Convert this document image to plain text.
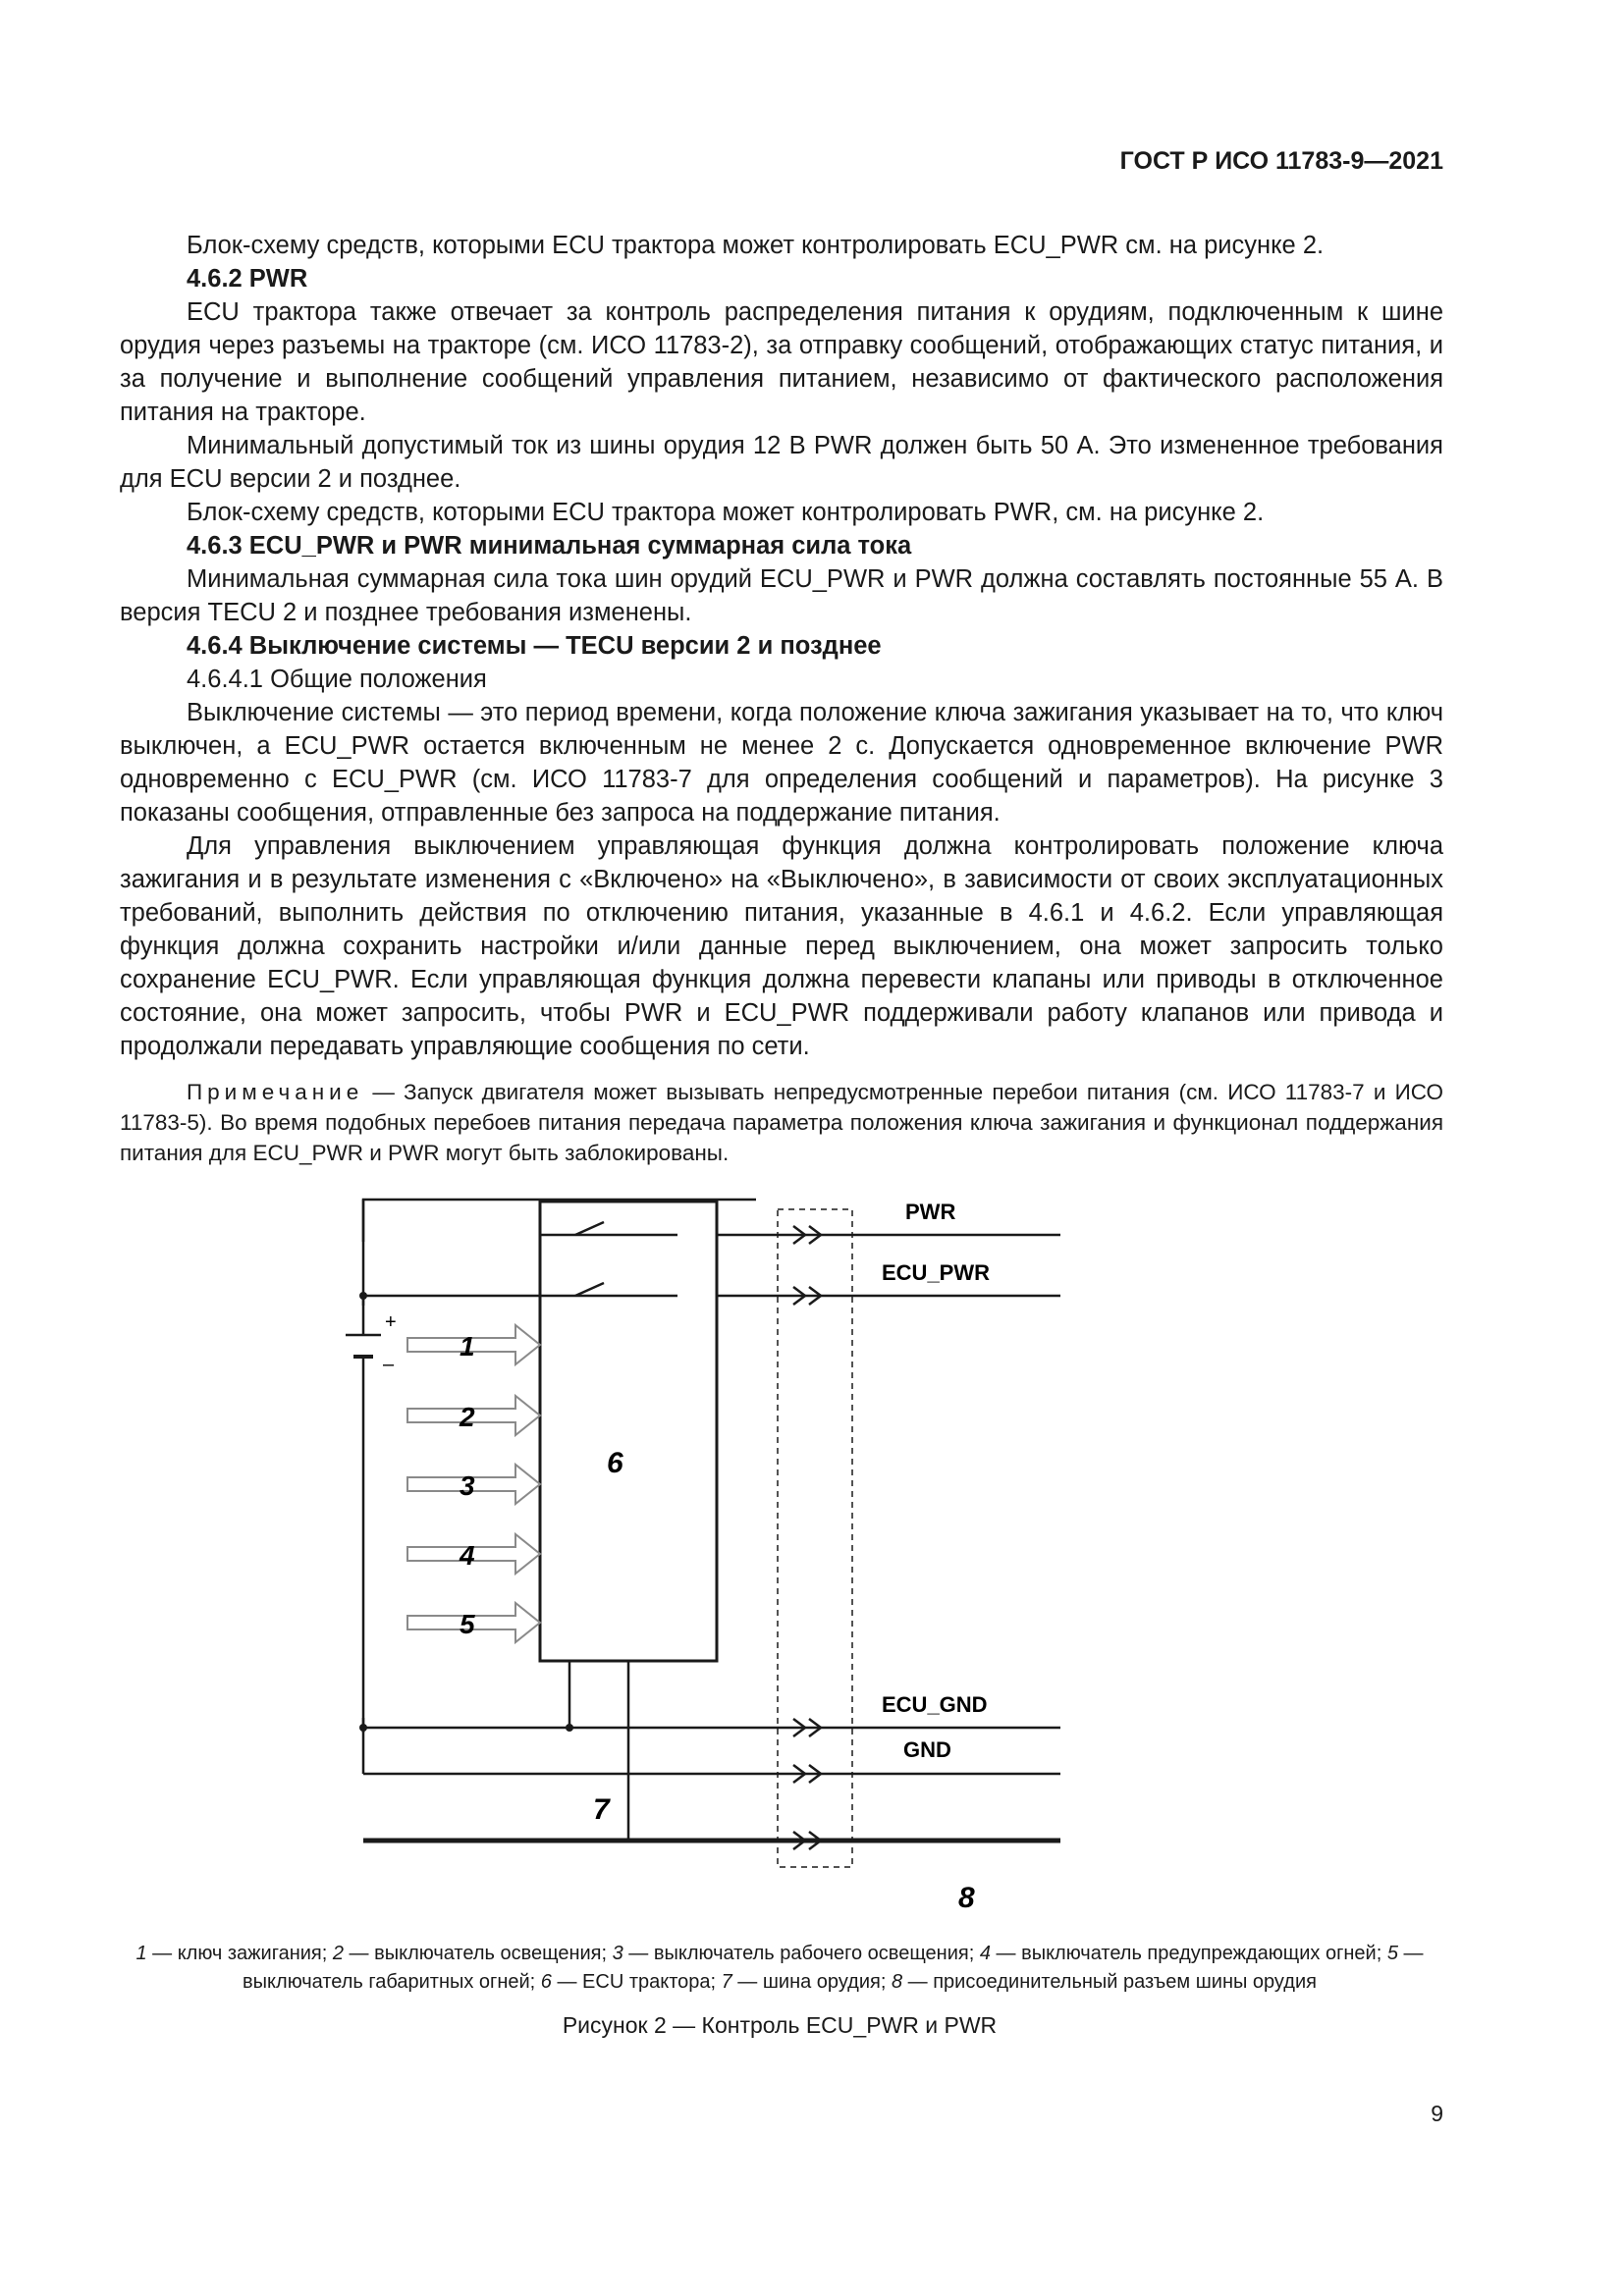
ГОСТ Р ИСО 11783-9—2021

Блок-схему средств, которыми ECU трактора может контролировать ECU_PWR см. на рисунке 2.

4.6.2 PWR

ECU трактора также отвечает за контроль распределения питания к орудиям, подключенным к шине орудия через разъемы на тракторе (см. ИСО 11783-2), за отправку сообщений, отображающих статус питания, и за получение и выполнение сообщений управления питанием, независимо от фактического расположения питания на тракторе.

Минимальный допустимый ток из шины орудия 12 В PWR должен быть 50 А. Это измененное требования для ECU версии 2 и позднее.

Блок-схему средств, которыми ECU трактора может контролировать PWR, см. на рисунке 2.

4.6.3 ECU_PWR и PWR минимальная суммарная сила тока

Минимальная суммарная сила тока шин орудий ECU_PWR и PWR должна составлять постоянные 55 А. В версия TECU 2 и позднее требования изменены.

4.6.4 Выключение системы — TECU версии 2 и позднее

4.6.4.1 Общие положения

Выключение системы — это период времени, когда положение ключа зажигания указывает на то, что ключ выключен, а ECU_PWR остается включенным не менее 2 с. Допускается одновременное включение PWR одновременно с ECU_PWR (см. ИСО 11783-7 для определения сообщений и параметров). На рисунке 3 показаны сообщения, отправленные без запроса на поддержание питания.

Для управления выключением управляющая функция должна контролировать положение ключа зажигания и в результате изменения с «Включено» на «Выключено», в зависимости от своих эксплуатационных требований, выполнить действия по отключению питания, указанные в 4.6.1 и 4.6.2. Если управляющая функция должна сохранить настройки и/или данные перед выключением, она может запросить только сохранение ECU_PWR. Если управляющая функция должна перевести клапаны или приводы в отключенное состояние, она может запросить, чтобы PWR и ECU_PWR поддерживали работу клапанов или привода и продолжали передавать управляющие сообщения по сети.

Примечание — Запуск двигателя может вызывать непредусмотренные перебои питания (см. ИСО 11783-7 и ИСО 11783-5). Во время подобных перебоев питания передача параметра положения ключа зажигания и функционал поддержания питания для ECU_PWR и PWR могут быть заблокированы.

+
–
1
2
3
4
5
PWR
ECU_PWR
ECU_GND
GND
6
7
8
1 — ключ зажигания; 2 — выключатель освещения; 3 — выключатель рабочего освещения; 4 — выключатель предупреждающих огней; 5 — выключатель габаритных огней; 6 — ECU трактора; 7 — шина орудия; 8 — присоединительный разъем шины орудия
Рисунок 2 — Контроль ECU_PWR и PWR
9
